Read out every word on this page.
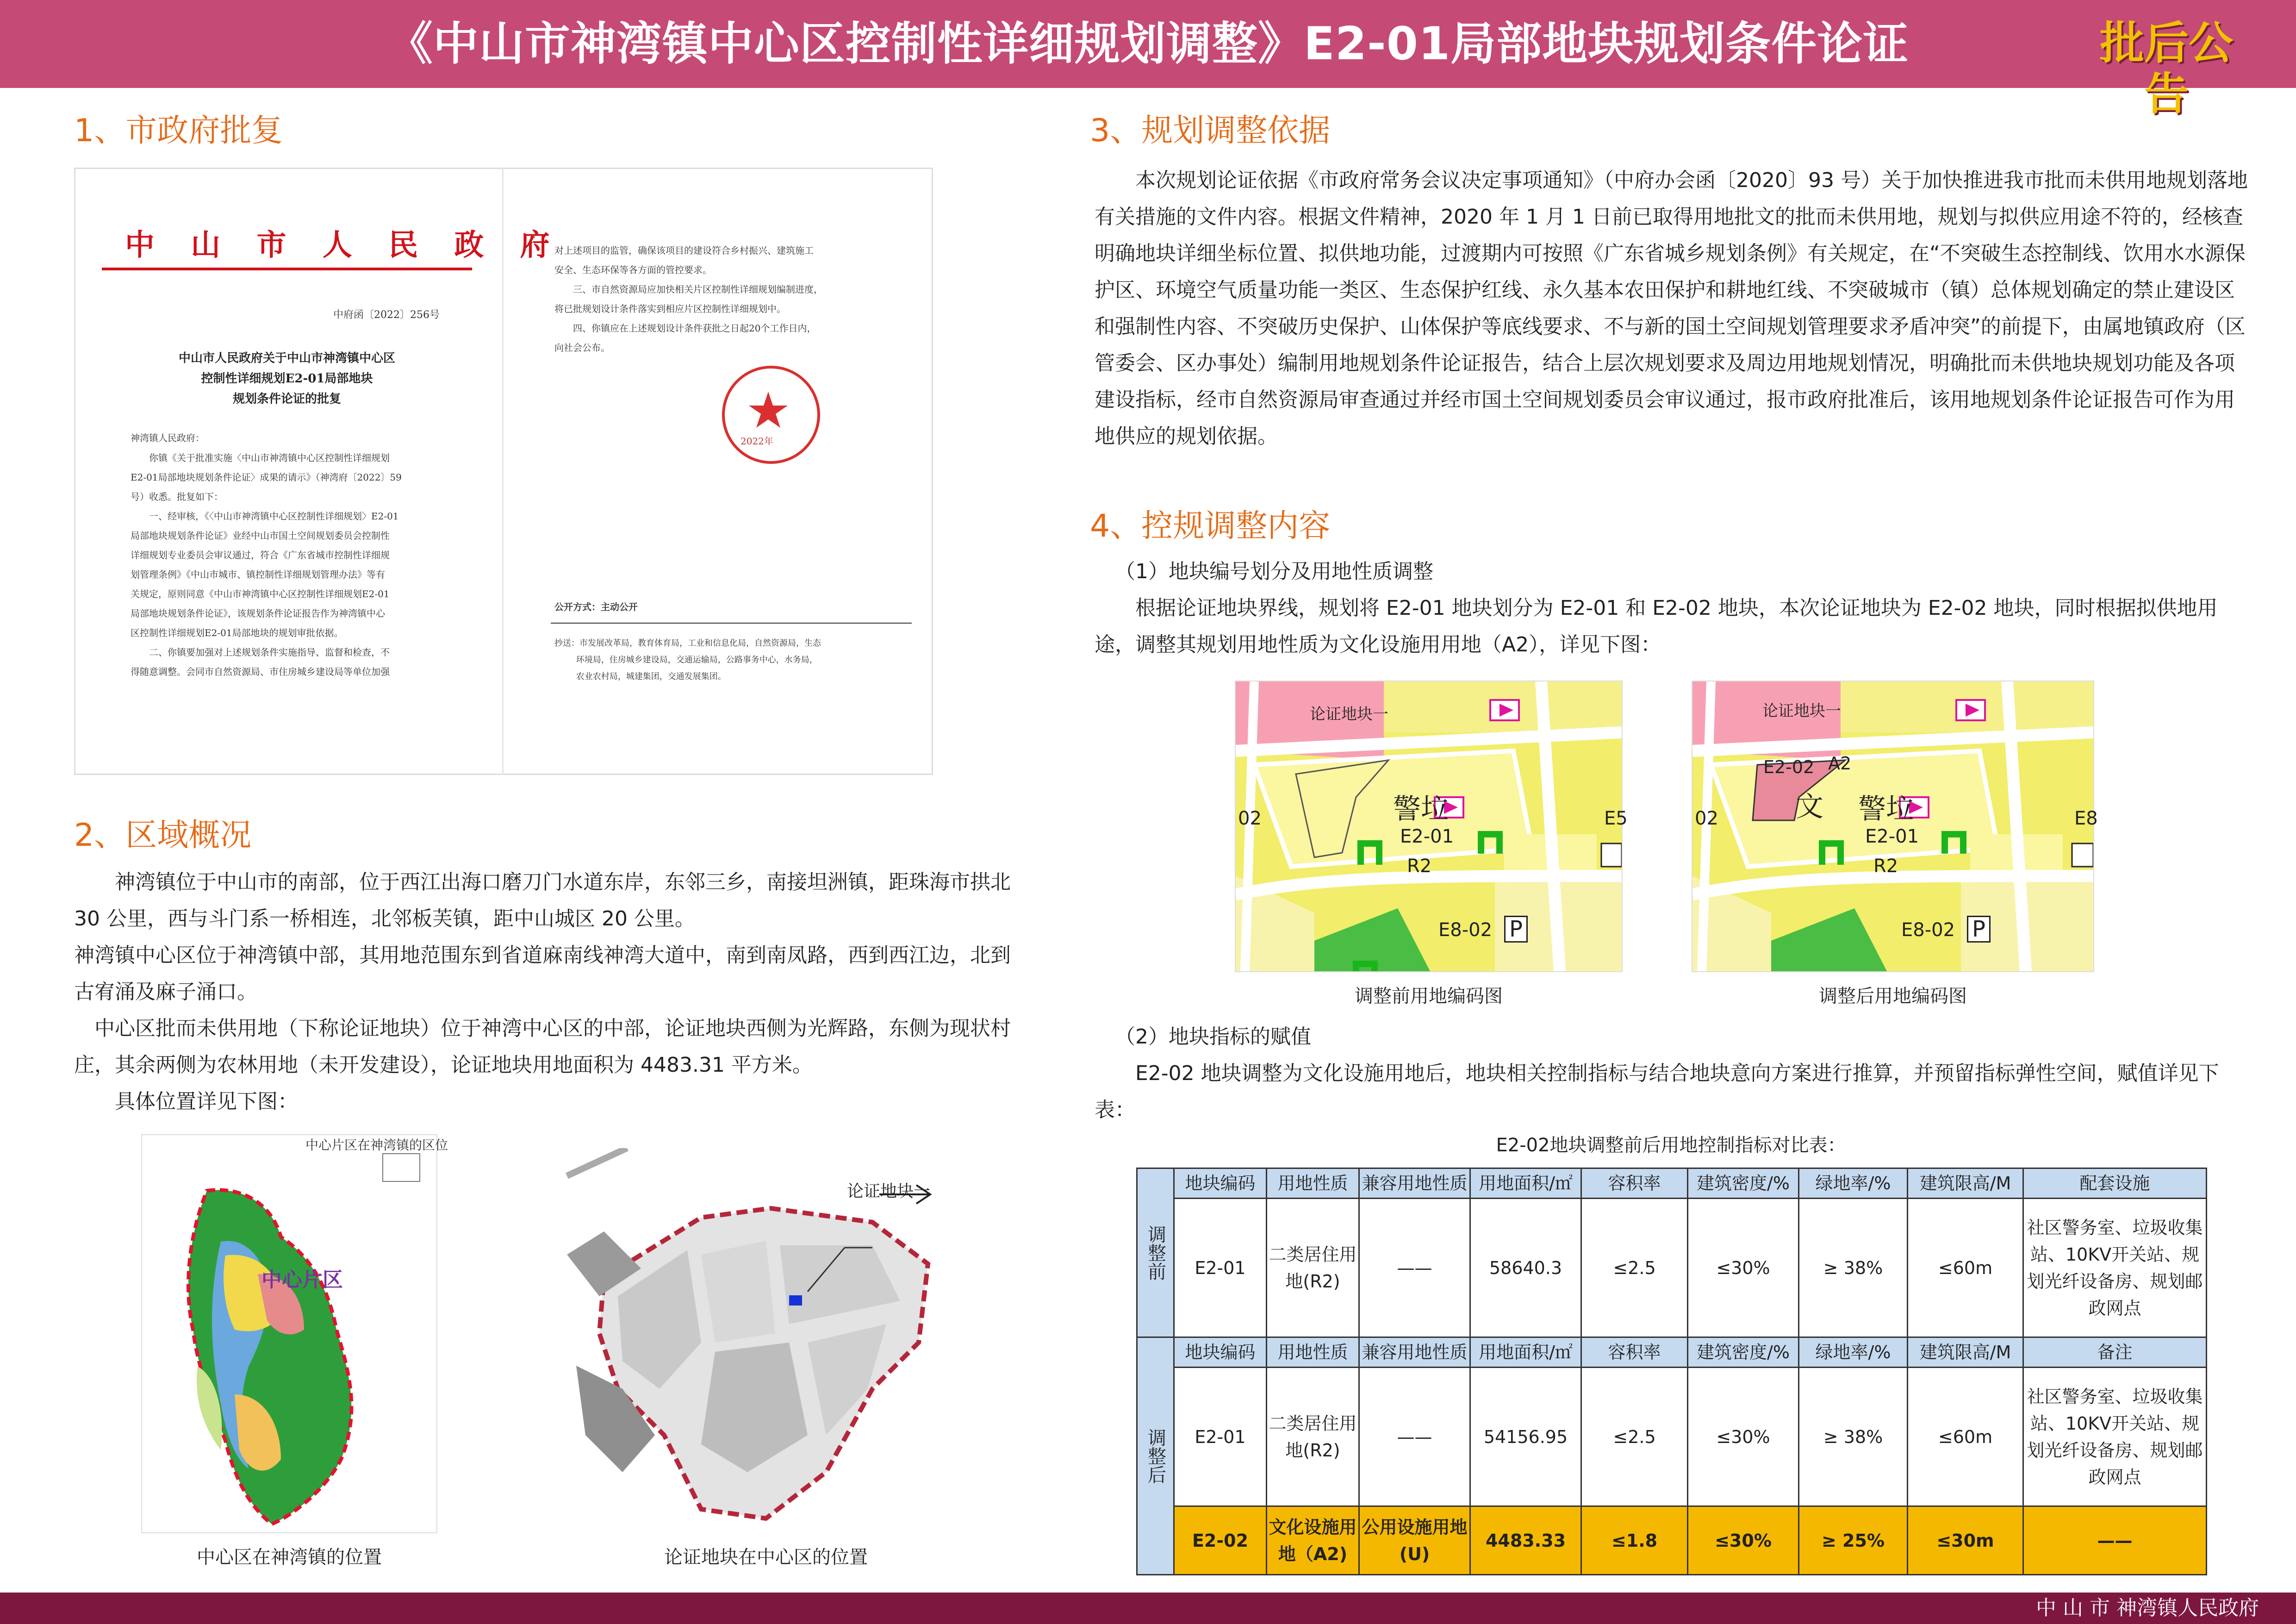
《中山市神湾镇中心区控制性详细规划调整》E2-01局部地块规划条件论证	批后公告
1、市政府批复
中 山 市 人 民 政 府
中府函〔2022〕256号
中山市人民政府关于中山市神湾镇中心区
控制性详细规划E2-01局部地块
规划条件论证的批复
神湾镇人民政府：
你镇《关于批准实施〈中山市神湾镇中心区控制性详细规划
E2-01局部地块规划条件论证〉成果的请示》（神湾府〔2022〕59
号）收悉。批复如下：
一、经审核，《〈中山市神湾镇中心区控制性详细规划〉E2-01
局部地块规划条件论证》业经中山市国土空间规划委员会控制性
详细规划专业委员会审议通过，符合《广东省城市控制性详细规
划管理条例》《中山市城市、镇控制性详细规划管理办法》等有
关规定，原则同意《中山市神湾镇中心区控制性详细规划E2-01
局部地块规划条件论证》，该规划条件论证报告作为神湾镇中心
区控制性详细规划E2-01局部地块的规划审批依据。
二、你镇要加强对上述规划条件实施指导、监督和检查，不
得随意调整。会同市自然资源局、市住房城乡建设局等单位加强
对上述项目的监管，确保该项目的建设符合乡村振兴、建筑施工
安全、生态环保等各方面的管控要求。
三、市自然资源局应加快相关片区控制性详细规划编制进度，
将已批规划设计条件落实到相应片区控制性详细规划中。
四、你镇应在上述规划设计条件获批之日起20个工作日内，
向社会公布。
2022年
公开方式：主动公开
抄送：市发展改革局，教育体育局，工业和信息化局，自然资源局，生态
环境局，住房城乡建设局，交通运输局，公路事务中心，水务局，
农业农村局，城建集团，交通发展集团。
2、区域概况

神湾镇位于中山市的南部，位于西江出海口磨刀门水道东岸，东邻三乡，南接坦洲镇，距珠海市拱北 30 公里，西与斗门系一桥相连，北邻板芙镇，距中山城区 20 公里。

神湾镇中心区位于神湾镇中部，其用地范围东到省道麻南线神湾大道中，南到南凤路，西到西江边，北到古宥涌及麻子涌口。

中心区批而未供用地（下称论证地块）位于神湾中心区的中部，论证地块西侧为光辉路，东侧为现状村庄，其余两侧为农林用地（未开发建设），论证地块用地面积为 4483.31 平方米。

具体位置详见下图：

中心片区在神湾镇的区位
中心片区
中心区在神湾镇的位置
论证地块一
论证地块在中心区的位置
3、规划调整依据

本次规划论证依据《市政府常务会议决定事项通知》（中府办会函〔2020〕93 号）关于加快推进我市批而未供用地规划落地有关措施的文件内容。根据文件精神，2020 年 1 月 1 日前已取得用地批文的批而未供用地，规划与拟供应用途不符的，经核查明确地块详细坐标位置、拟供地功能，过渡期内可按照《广东省城乡规划条例》有关规定，在“不突破生态控制线、饮用水水源保护区、环境空气质量功能一类区、生态保护红线、永久基本农田保护和耕地红线、不突破城市（镇）总体规划确定的禁止建设区和强制性内容、不突破历史保护、山体保护等底线要求、不与新的国土空间规划管理要求矛盾冲突”的前提下，由属地镇政府（区管委会、区办事处）编制用地规划条件论证报告，结合上层次规划要求及周边用地规划情况，明确批而未供地块规划功能及各项建设指标，经市自然资源局审查通过并经市国土空间规划委员会审议通过，报市政府批准后，该用地规划条件论证报告可作为用地供应的规划依据。

4、控规调整内容

（1）地块编号划分及用地性质调整

根据论证地块界线，规划将 E2-01 地块划分为 E2-01 和 E2-02 地块，本次论证地块为 E2-02 地块，同时根据拟供地用途，调整其规划用地性质为文化设施用用地（A2），详见下图：

论证地块一
警垃
E2-01
R2
E8-02 P
02	E5
调整前用地编码图
论证地块一
E2-02 A2
文 警垃
E2-01
R2
E8-02 P
02	E8
调整后用地编码图

（2）地块指标的赋值

E2-02 地块调整为文化设施用地后，地块相关控制指标与结合地块意向方案进行推算，并预留指标弹性空间，赋值详见下表：

E2-02地块调整前后用地控制指标对比表：
调整前	地块编码	用地性质	兼容用地性质	用地面积/㎡	容积率	建筑密度/%	绿地率/%	建筑限高/M	配套设施
	E2-01	二类居住用地(R2)	——	58640.3	≤2.5	≤30%	≥ 38%	≤60m	社区警务室、垃圾收集站、10KV开关站、规划光纤设备房、规划邮政网点
调整后	地块编码	用地性质	兼容用地性质	用地面积/㎡	容积率	建筑密度/%	绿地率/%	建筑限高/M	备注
	E2-01	二类居住用地(R2)	——	54156.95	≤2.5	≤30%	≥ 38%	≤60m	社区警务室、垃圾收集站、10KV开关站、规划光纤设备房、规划邮政网点
	E2-02	文化设施用地（A2)	公用设施用地(U)	4483.33	≤1.8	≤30%	≥ 25%	≤30m	——
中 山 市 神湾镇人民政府
